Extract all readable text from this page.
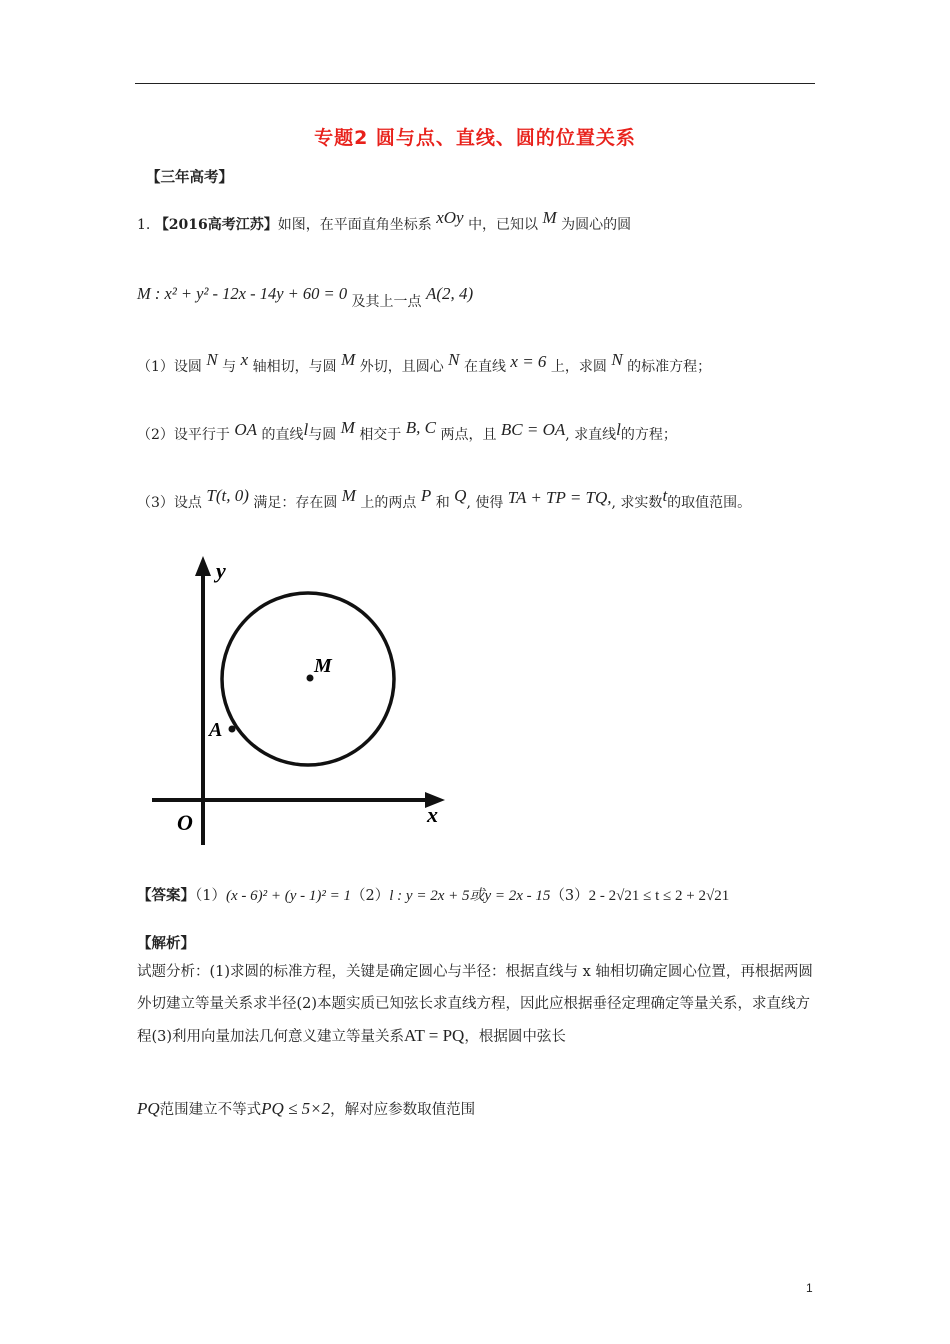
专题2 圆与点、直线、圆的位置关系
【三年高考】
1. 【2016高考江苏】如图，在平面直角坐标系 xOy 中，已知以 M 为圆心的圆
M : x² + y² - 12x - 14y + 60 = 0 及其上一点 A(2, 4)
（1）设圆 N 与 x 轴相切，与圆 M 外切，且圆心 N 在直线 x = 6 上，求圆 N 的标准方程；
（2）设平行于 OA 的直线l与圆 M 相交于 B, C 两点，且 BC = OA, 求直线l的方程；
（3）设点 T(t, 0) 满足：存在圆 M 上的两点 P 和 Q, 使得 TA + TP = TQ,, 求实数t的取值范围。
y
x
O
M
A
【答案】（1）(x - 6)² + (y - 1)² = 1（2）l : y = 2x + 5或y = 2x - 15（3）2 - 2√21 ≤ t ≤ 2 + 2√21
【解析】
试题分析：(1)求圆的标准方程，关键是确定圆心与半径：根据直线与 x 轴相切确定圆心位置，再根据两圆外切建立等量关系求半径(2)本题实质已知弦长求直线方程，因此应根据垂径定理确定等量关系，求直线方程(3)利用向量加法几何意义建立等量关系AT = PQ，根据圆中弦长
PQ范围建立不等式PQ ≤ 5×2，解对应参数取值范围
1
